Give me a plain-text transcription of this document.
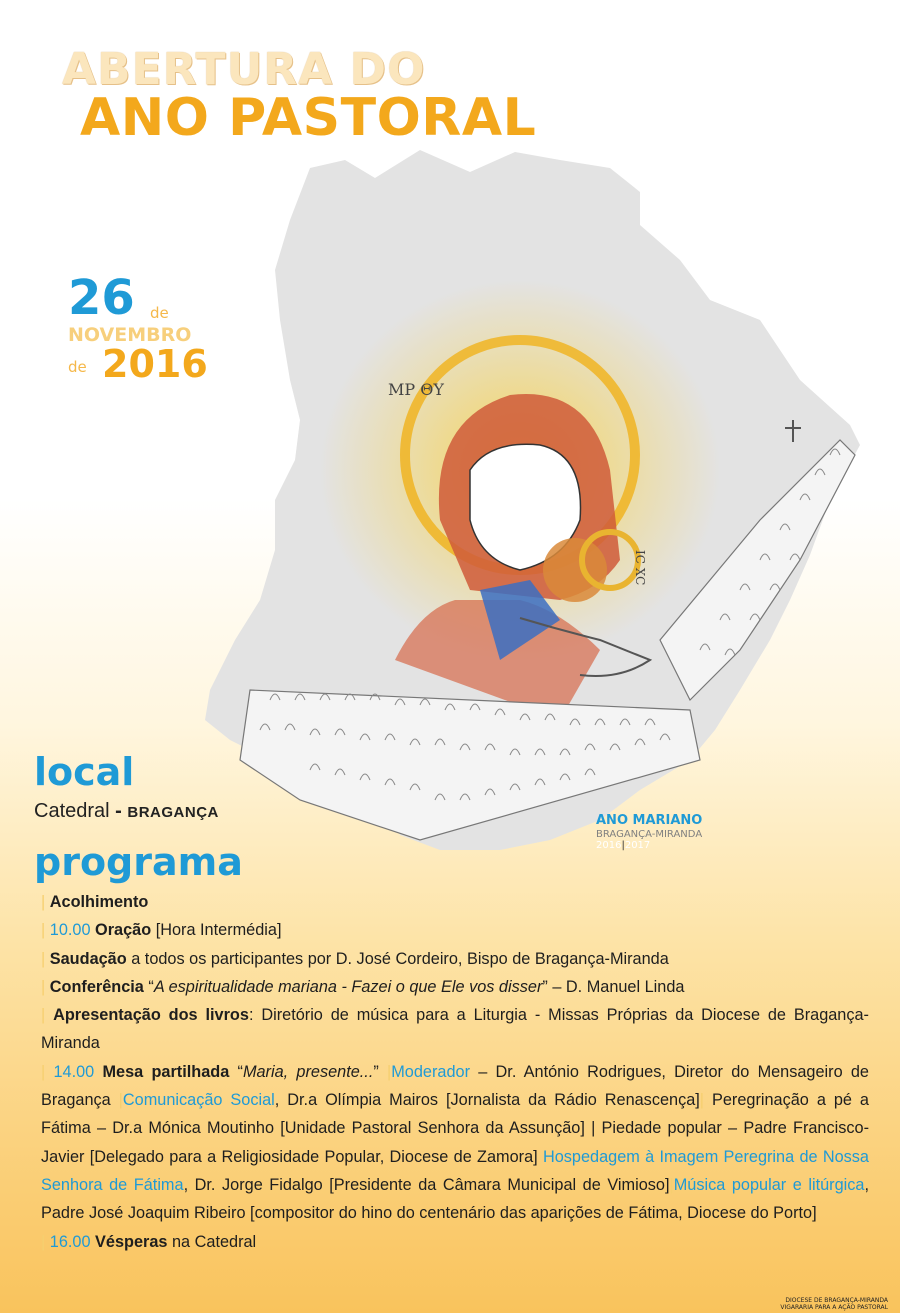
ΜΡ ΘΥ
IC XC
ABERTURA DO
ANO PASTORAL
26 de
NOVEMBRO
de 2016
ANO MARIANO
BRAGANÇA-MIRANDA
2016|2017
local
Catedral - BRAGANÇA
programa
| Acolhimento
| 10.00 Oração [Hora Intermédia]
| Saudação a todos os participantes por D. José Cordeiro, Bispo de Bragança-Miranda
| Conferência “A espiritualidade mariana - Fazei o que Ele vos disser” – D. Manuel Linda
| Apresentação dos livros: Diretório de música para a Liturgia - Missas Próprias da Diocese de Bragança-Miranda
| 14.00 Mesa partilhada “Maria, presente...” |Moderador – Dr. António Rodrigues, Diretor do Mensageiro de Bragança |Comunicação Social, Dr.a Olímpia Mairos [Jornalista da Rádio Renascença]| Peregrinação a pé a Fátima – Dr.a Mónica Moutinho [Unidade Pastoral Senhora da Assunção] | Piedade popular – Padre Francisco-Javier [Delegado para a Religiosidade Popular, Diocese de Zamora] Hospedagem à Imagem Peregrina de Nossa Senhora de Fátima, Dr. Jorge Fidalgo [Presidente da Câmara Municipal de Vimioso]|Música popular e litúrgica, Padre José Joaquim Ribeiro [compositor do hino do centenário das aparições de Fátima, Diocese do Porto]
| 16.00 Vésperas na Catedral
DIOCESE DE BRAGANÇA-MIRANDA
VIGARARIA PARA A AÇÃO PASTORAL
